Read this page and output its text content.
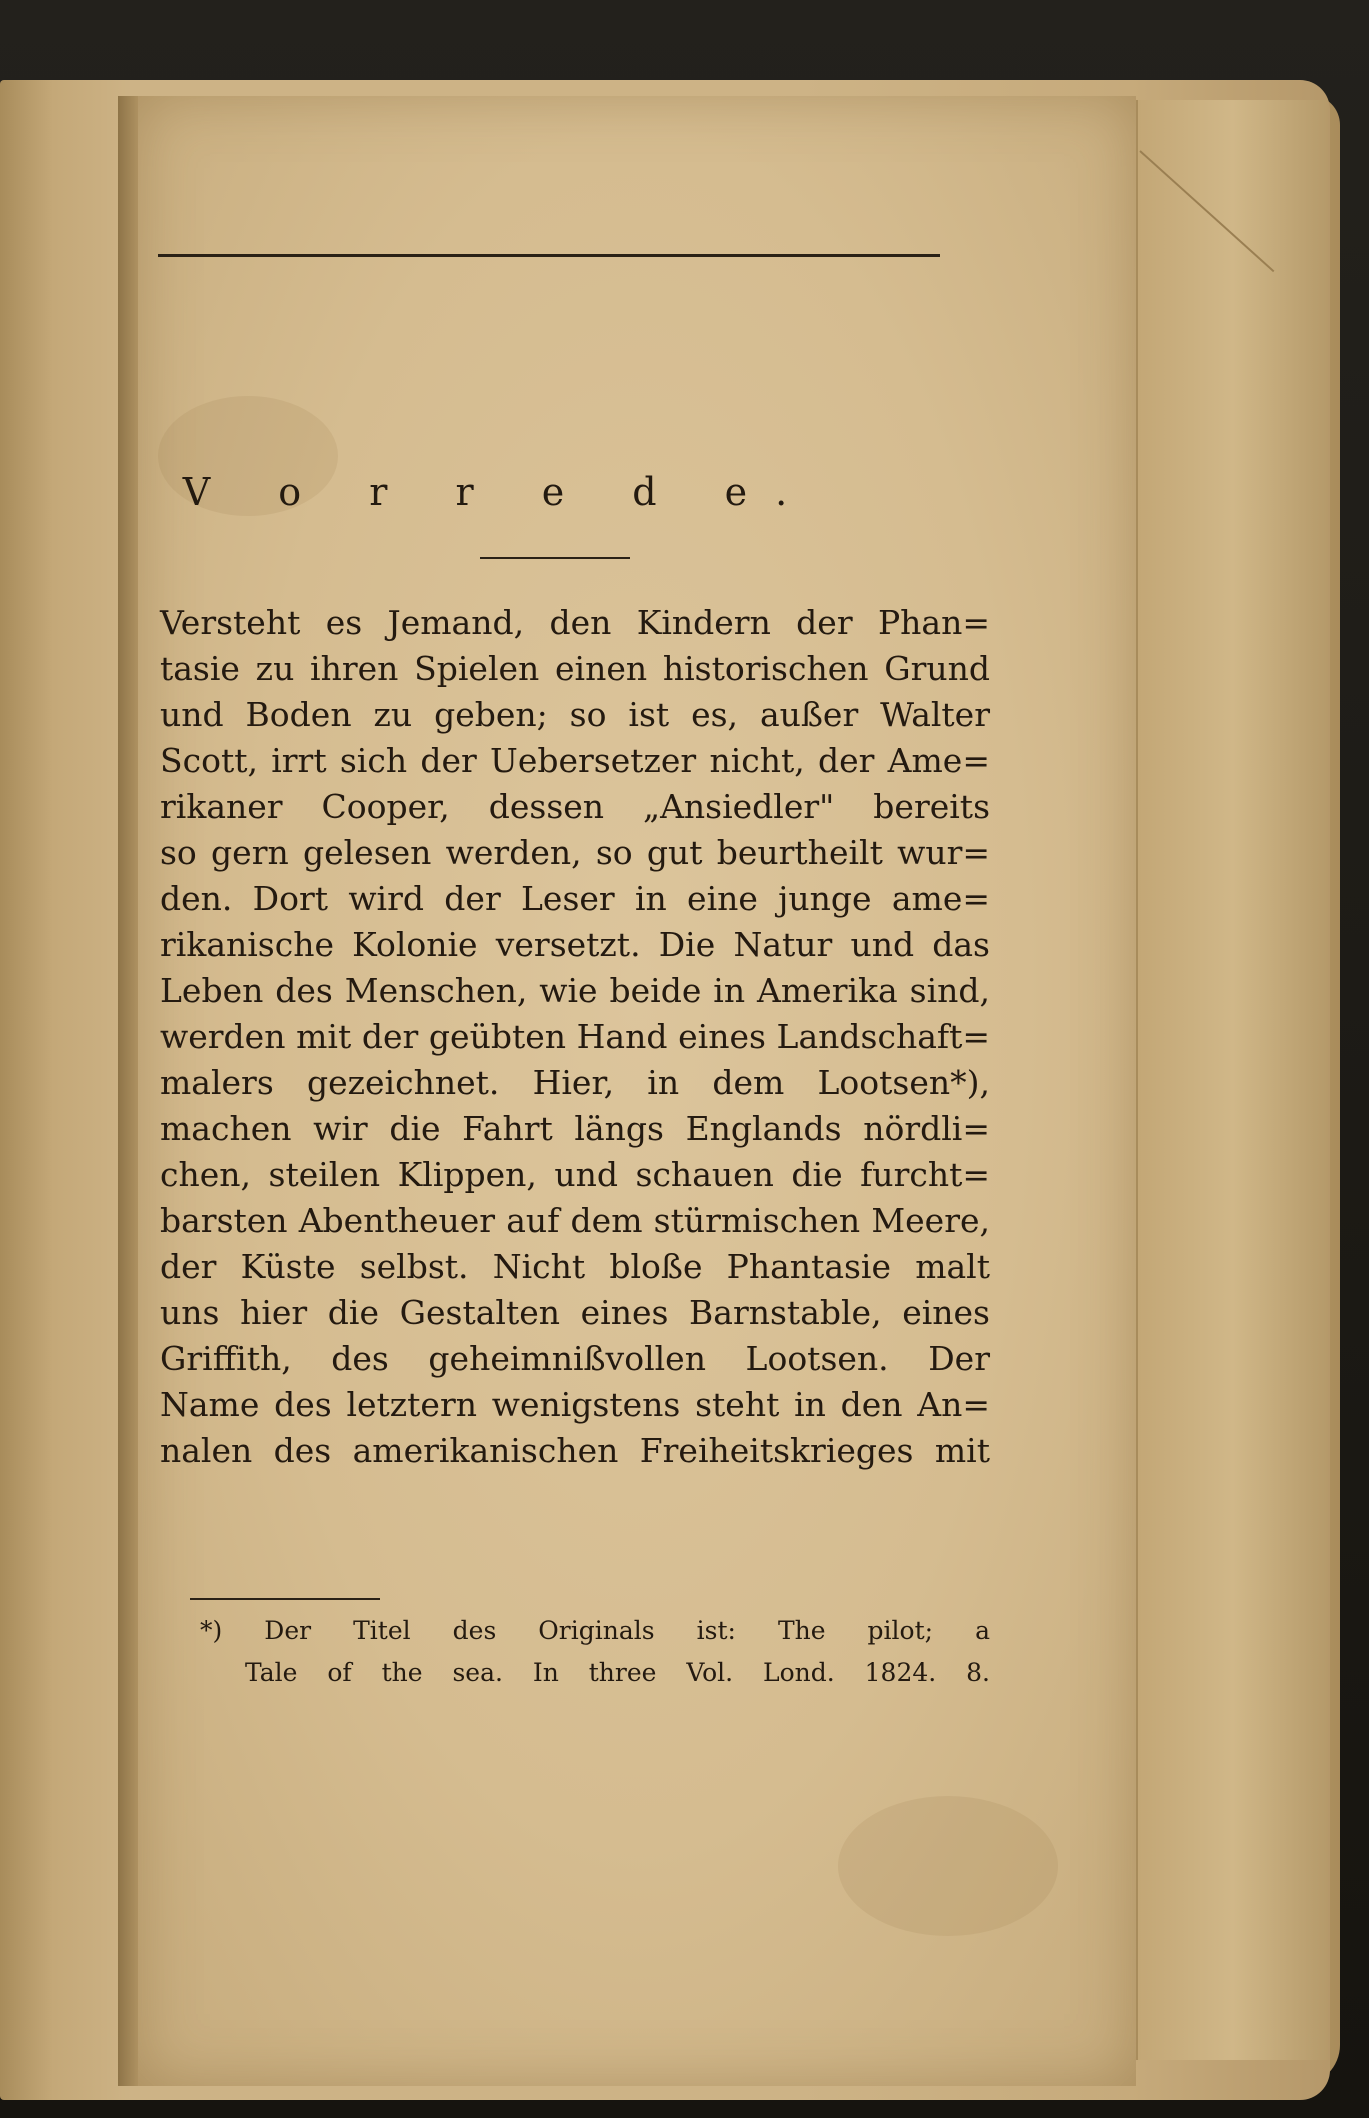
V o r r e d e.
Versteht es Jemand, den Kindern der Phan=
tasie zu ihren Spielen einen historischen Grund
und Boden zu geben; so ist es, außer Walter
Scott, irrt sich der Uebersetzer nicht, der Ame=
rikaner Cooper, dessen „Ansiedler" bereits
so gern gelesen werden, so gut beurtheilt wur=
den. Dort wird der Leser in eine junge ame=
rikanische Kolonie versetzt. Die Natur und das
Leben des Menschen, wie beide in Amerika sind,
werden mit der geübten Hand eines Landschaft=
malers gezeichnet. Hier, in dem Lootsen*),
machen wir die Fahrt längs Englands nördli=
chen, steilen Klippen, und schauen die furcht=
barsten Abentheuer auf dem stürmischen Meere,
der Küste selbst. Nicht bloße Phantasie malt
uns hier die Gestalten eines Barnstable, eines
Griffith, des geheimnißvollen Lootsen. Der
Name des letztern wenigstens steht in den An=
nalen des amerikanischen Freiheitskrieges mit
*) Der Titel des Originals ist: The pilot; a
Tale of the sea. In three Vol. Lond. 1824. 8.
